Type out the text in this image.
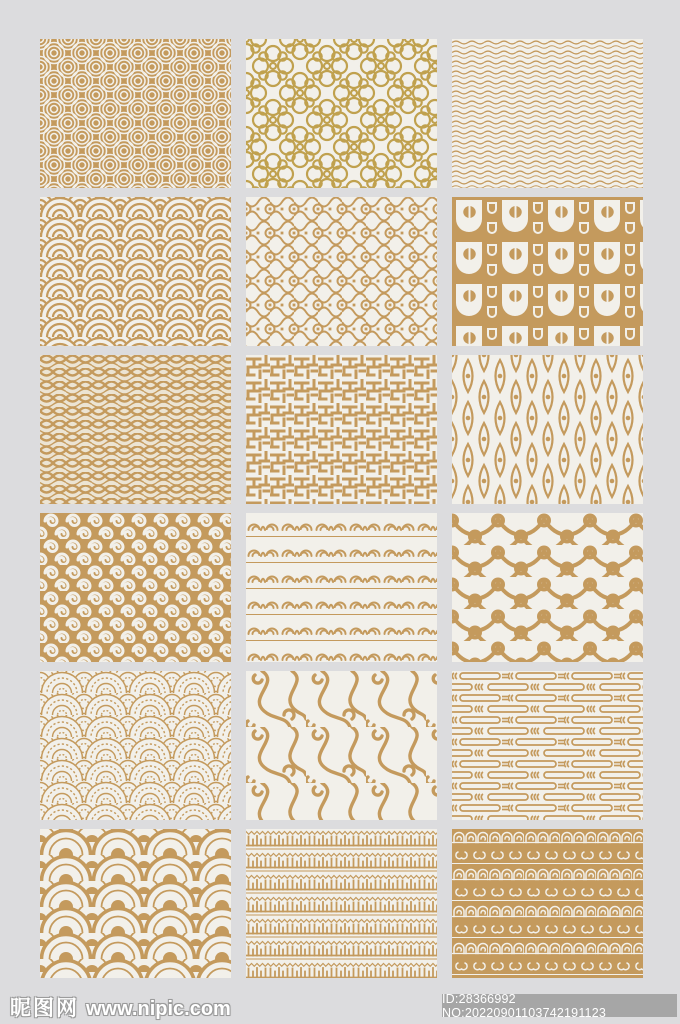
昵图网 www.nipic.com	ID:28366992 NO:20220901103742191123
